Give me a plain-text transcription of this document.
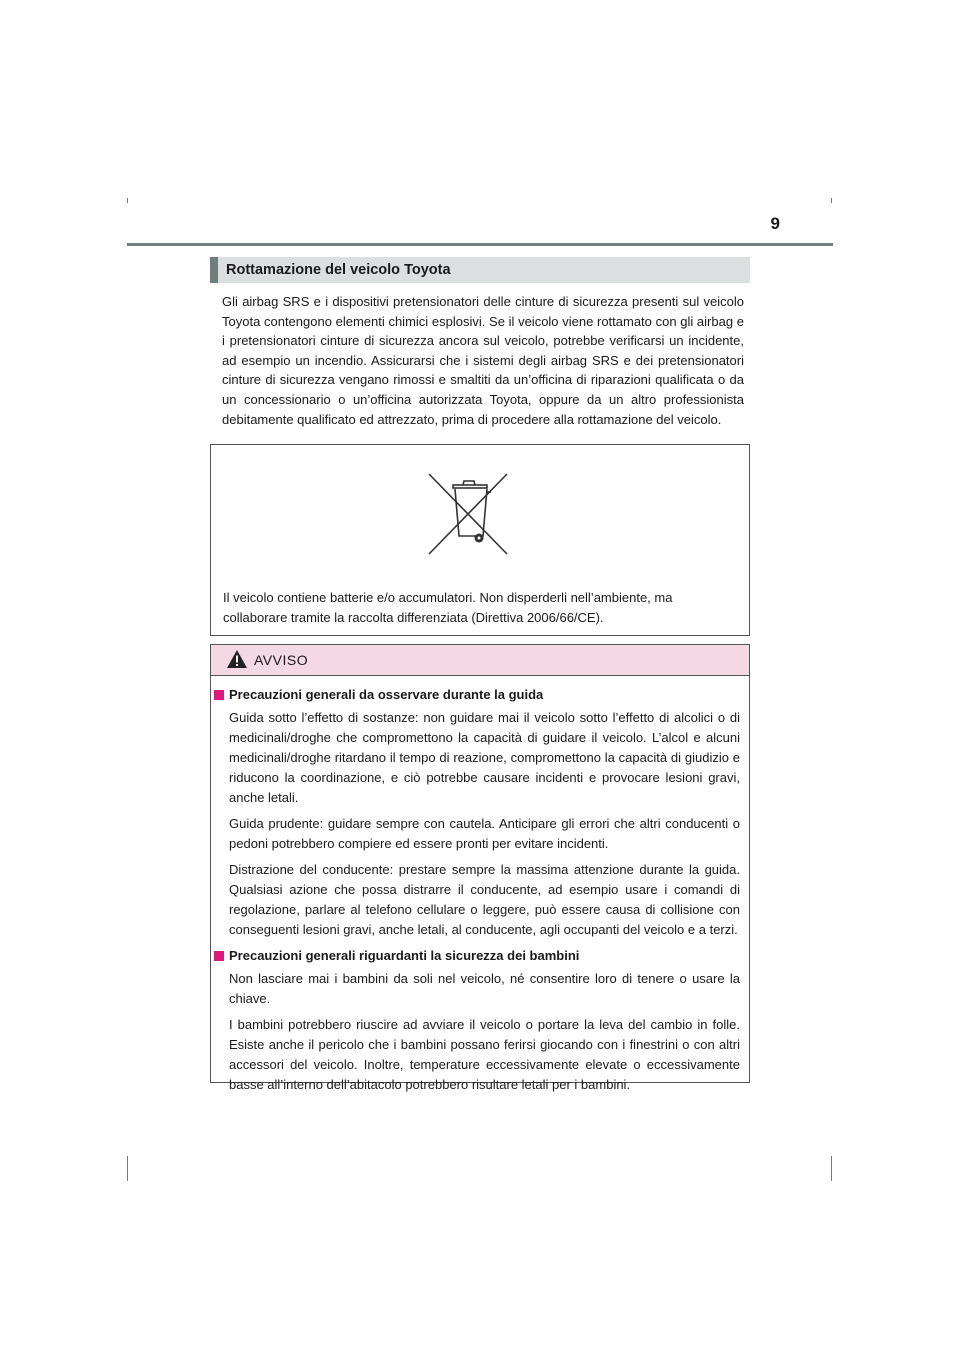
9
Rottamazione del veicolo Toyota

Gli airbag SRS e i dispositivi pretensionatori delle cinture di sicurezza presenti sul veicolo Toyota contengono elementi chimici esplosivi. Se il veicolo viene rottamato con gli airbag e i pretensionatori cinture di sicurezza ancora sul veicolo, potrebbe verificarsi un incidente, ad esempio un incendio. Assicurarsi che i sistemi degli airbag SRS e dei pretensionatori cinture di sicurezza vengano rimossi e smaltiti da un’officina di riparazioni qualificata o da un concessionario o un’officina autorizzata Toyota, oppure da un altro professionista debitamente qualificato ed attrezzato, prima di procedere alla rottamazione del veicolo.

Il veicolo contiene batterie e/o accumulatori. Non disperderli nell’ambiente, ma collaborare tramite la raccolta differenziata (Direttiva 2006/66/CE).

AVVISO
Precauzioni generali da osservare durante la guida

Guida sotto l’effetto di sostanze: non guidare mai il veicolo sotto l’effetto di alcolici o di medicinali/droghe che compromettono la capacità di guidare il veicolo. L’alcol e alcuni medicinali/droghe ritardano il tempo di reazione, compromettono la capacità di giudizio e riducono la coordinazione, e ciò potrebbe causare incidenti e provocare lesioni gravi, anche letali.

Guida prudente: guidare sempre con cautela. Anticipare gli errori che altri conducenti o pedoni potrebbero compiere ed essere pronti per evitare incidenti.

Distrazione del conducente: prestare sempre la massima attenzione durante la guida. Qualsiasi azione che possa distrarre il conducente, ad esempio usare i comandi di regolazione, parlare al telefono cellulare o leggere, può essere causa di collisione con conseguenti lesioni gravi, anche letali, al conducente, agli occupanti del veicolo e a terzi.

Precauzioni generali riguardanti la sicurezza dei bambini

Non lasciare mai i bambini da soli nel veicolo, né consentire loro di tenere o usare la chiave.

I bambini potrebbero riuscire ad avviare il veicolo o portare la leva del cambio in folle. Esiste anche il pericolo che i bambini possano ferirsi giocando con i finestrini o con altri accessori del veicolo. Inoltre, temperature eccessivamente elevate o eccessivamente basse all’interno dell’abitacolo potrebbero risultare letali per i bambini.
